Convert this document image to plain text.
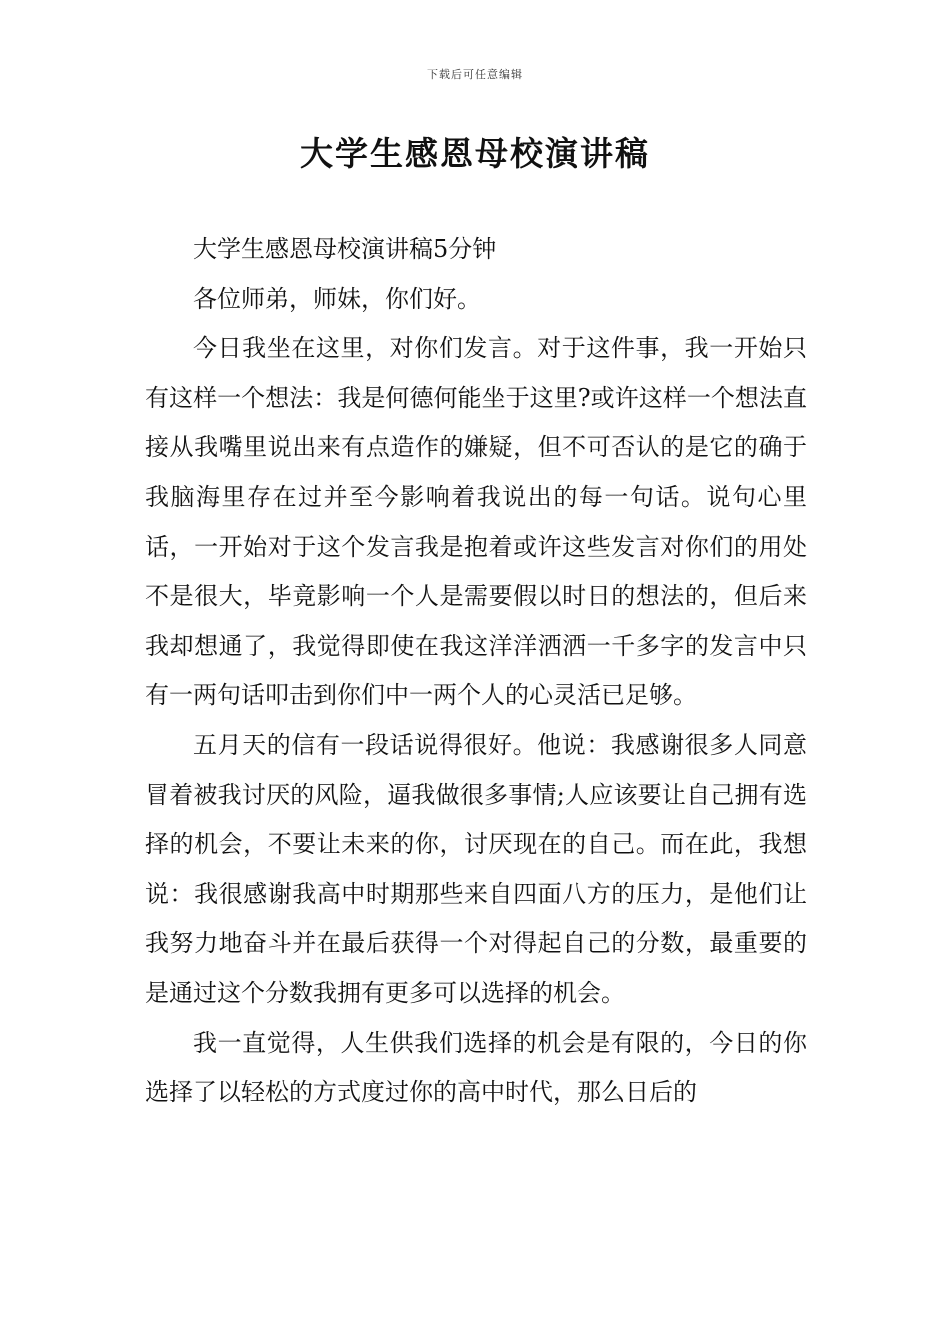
下载后可任意编辑
大学生感恩母校演讲稿

大学生感恩母校演讲稿5分钟

各位师弟，师妹，你们好。

今日我坐在这里，对你们发言。对于这件事，我一开始只有这样一个想法：我是何德何能坐于这里?或许这样一个想法直接从我嘴里说出来有点造作的嫌疑，但不可否认的是它的确于我脑海里存在过并至今影响着我说出的每一句话。说句心里话，一开始对于这个发言我是抱着或许这些发言对你们的用处不是很大，毕竟影响一个人是需要假以时日的想法的，但后来我却想通了，我觉得即使在我这洋洋洒洒一千多字的发言中只有一两句话叩击到你们中一两个人的心灵活已足够。

五月天的信有一段话说得很好。他说：我感谢很多人同意冒着被我讨厌的风险，逼我做很多事情;人应该要让自己拥有选择的机会，不要让未来的你，讨厌现在的自己。而在此，我想说：我很感谢我高中时期那些来自四面八方的压力，是他们让我努力地奋斗并在最后获得一个对得起自己的分数，最重要的是通过这个分数我拥有更多可以选择的机会。

我一直觉得，人生供我们选择的机会是有限的，今日的你选择了以轻松的方式度过你的高中时代，那么日后的
